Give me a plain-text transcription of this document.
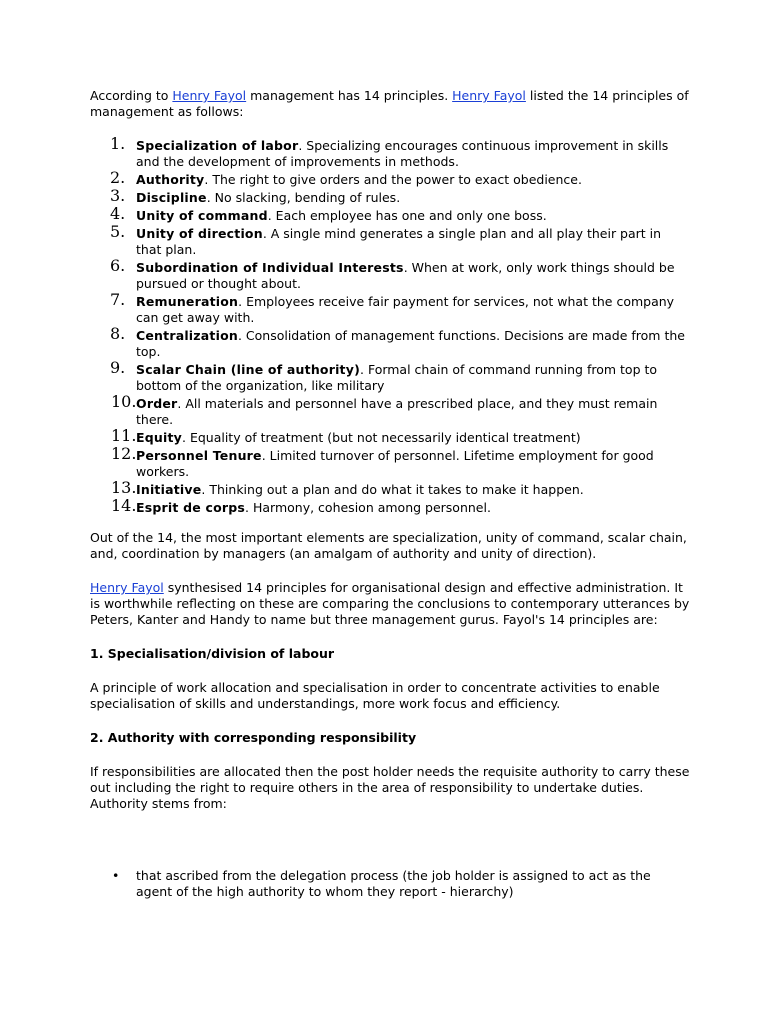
According to Henry Fayol management has 14 principles. Henry Fayol listed the 14 principles of management as follows:

1. Specialization of labor. Specializing encourages continuous improvement in skills and the development of improvements in methods.
2. Authority. The right to give orders and the power to exact obedience.
3. Discipline. No slacking, bending of rules.
4. Unity of command. Each employee has one and only one boss.
5. Unity of direction. A single mind generates a single plan and all play their part in that plan.
6. Subordination of Individual Interests. When at work, only work things should be pursued or thought about.
7. Remuneration. Employees receive fair payment for services, not what the company can get away with.
8. Centralization. Consolidation of management functions. Decisions are made from the top.
9. Scalar Chain (line of authority). Formal chain of command running from top to bottom of the organization, like military
10. Order. All materials and personnel have a prescribed place, and they must remain there.
11. Equity. Equality of treatment (but not necessarily identical treatment)
12. Personnel Tenure. Limited turnover of personnel. Lifetime employment for good workers.
13. Initiative. Thinking out a plan and do what it takes to make it happen.
14. Esprit de corps. Harmony, cohesion among personnel.

Out of the 14, the most important elements are specialization, unity of command, scalar chain, and, coordination by managers (an amalgam of authority and unity of direction).

Henry Fayol synthesised 14 principles for organisational design and effective administration. It is worthwhile reflecting on these are comparing the conclusions to contemporary utterances by Peters, Kanter and Handy to name but three management gurus. Fayol's 14 principles are:

1. Specialisation/division of labour

A principle of work allocation and specialisation in order to concentrate activities to enable specialisation of skills and understandings, more work focus and efficiency.

2. Authority with corresponding responsibility

If responsibilities are allocated then the post holder needs the requisite authority to carry these out including the right to require others in the area of responsibility to undertake duties. Authority stems from:

• that ascribed from the delegation process (the job holder is assigned to act as the agent of the high authority to whom they report - hierarchy)
